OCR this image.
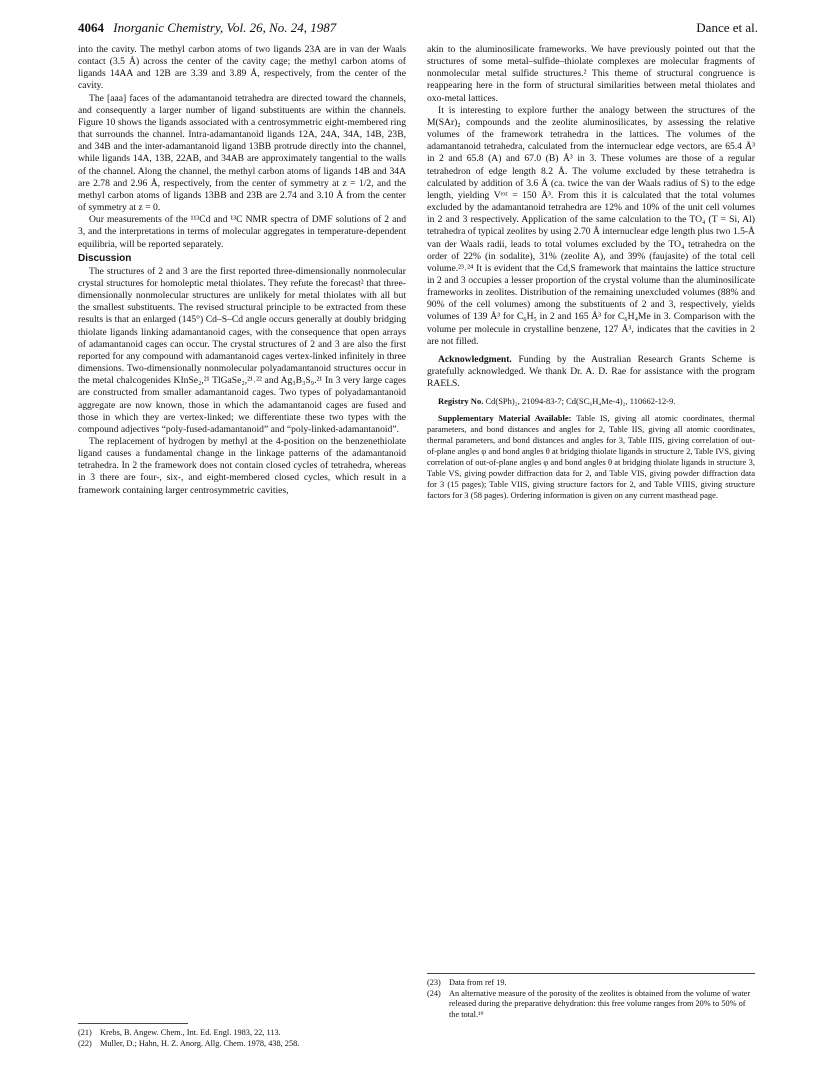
4064 Inorganic Chemistry, Vol. 26, No. 24, 1987	Dance et al.

into the cavity. The methyl carbon atoms of two ligands 23A are in van der Waals contact (3.5 Å) across the center of the cavity cage; the methyl carbon atoms of ligands 14AA and 12B are 3.39 and 3.89 Å, respectively, from the center of the cavity.

The [aaa] faces of the adamantanoid tetrahedra are directed toward the channels, and consequently a larger number of ligand substituents are within the channels. Figure 10 shows the ligands associated with a centrosymmetric eight-membered ring that surrounds the channel. Intra-adamantanoid ligands 12A, 24A, 34A, 14B, 23B, and 34B and the inter-adamantanoid ligand 13BB protrude directly into the channel, while ligands 14A, 13B, 22AB, and 34AB are approximately tangential to the walls of the channel. Along the channel, the methyl carbon atoms of ligands 14B and 34A are 2.78 and 2.96 Å, respectively, from the center of symmetry at z = 1/2, and the methyl carbon atoms of ligands 13BB and 23B are 2.74 and 3.10 Å from the center of symmetry at z = 0.

Our measurements of the ¹¹³Cd and ¹³C NMR spectra of DMF solutions of 2 and 3, and the interpretations in terms of molecular aggregates in temperature-dependent equilibria, will be reported separately.

Discussion

The structures of 2 and 3 are the first reported three-dimensionally nonmolecular crystal structures for homoleptic metal thiolates. They refute the forecast² that three-dimensionally nonmolecular structures are unlikely for metal thiolates with all but the smallest substituents. The revised structural principle to be extracted from these results is that an enlarged (145°) Cd–S–Cd angle occurs generally at doubly bridging thiolate ligands linking adamantanoid cages, with the consequence that open arrays of adamantanoid cages can occur. The crystal structures of 2 and 3 are also the first reported for any compound with adamantanoid cages vertex-linked infinitely in three dimensions. Two-dimensionally nonmolecular polyadamantanoid structures occur in the metal chalcogenides KInSe₂,²¹ TlGaSe₂,²¹˒²² and Ag₃B₃S₉.²¹ In 3 very large cages are constructed from smaller adamantanoid cages. Two types of polyadamantanoid aggregate are now known, those in which the adamantanoid cages are fused and those in which they are vertex-linked; we differentiate these two types with the compound adjectives “poly-fused-adamantanoid” and “poly-linked-adamantanoid”.

The replacement of hydrogen by methyl at the 4-position on the benzenethiolate ligand causes a fundamental change in the linkage patterns of the adamantanoid tetrahedra. In 2 the framework does not contain closed cycles of tetrahedra, whereas in 3 there are four-, six-, and eight-membered closed cycles, which result in a framework containing larger centrosymmetric cavities,

(21) Krebs, B. Angew. Chem., Int. Ed. Engl. 1983, 22, 113.
(22) Muller, D.; Hahn, H. Z. Anorg. Allg. Chem. 1978, 438, 258.

akin to the aluminosilicate frameworks. We have previously pointed out that the structures of some metal–sulfide–thiolate complexes are molecular fragments of nonmolecular metal sulfide structures.² This theme of structural congruence is reappearing here in the form of structural similarities between metal thiolates and oxo-metal lattices.

It is interesting to explore further the analogy between the structures of the M(SAr)₂ compounds and the zeolite aluminosilicates, by assessing the relative volumes of the framework tetrahedra in the lattices. The volumes of the adamantanoid tetrahedra, calculated from the internuclear edge vectors, are 65.4 Å³ in 2 and 65.8 (A) and 67.0 (B) Å³ in 3. These volumes are those of a regular tetrahedron of edge length 8.2 Å. The volume excluded by these tetrahedra is calculated by addition of 3.6 Å (ca. twice the van der Waals radius of S) to the edge length, yielding Vᵉˣᵗ = 150 Å³. From this it is calculated that the total volumes excluded by the adamantanoid tetrahedra are 12% and 10% of the unit cell volumes in 2 and 3 respectively. Application of the same calculation to the TO₄ (T = Si, Al) tetrahedra of typical zeolites by using 2.70 Å internuclear edge length plus two 1.5-Å van der Waals radii, leads to total volumes excluded by the TO₄ tetrahedra on the order of 22% (in sodalite), 31% (zeolite A), and 39% (faujasite) of the total cell volume.²³˒²⁴ It is evident that the Cd,S framework that maintains the lattice structure in 2 and 3 occupies a lesser proportion of the crystal volume than the aluminosilicate frameworks in zeolites. Distribution of the remaining unexcluded volumes (88% and 90% of the cell volumes) among the substituents of 2 and 3, respectively, yields volumes of 139 Å³ for C₆H₅ in 2 and 165 Å³ for C₆H₄Me in 3. Comparison with the volume per molecule in crystalline benzene, 127 Å³, indicates that the cavities in 2 are not filled.

Acknowledgment. Funding by the Australian Research Grants Scheme is gratefully acknowledged. We thank Dr. A. D. Rae for assistance with the program RAELS.

Registry No. Cd(SPh)₂, 21094-83-7; Cd(SC₆H₄Me-4)₂, 110662-12-9.

Supplementary Material Available: Table IS, giving all atomic coordinates, thermal parameters, and bond distances and angles for 2, Table IIS, giving all atomic coordinates, thermal parameters, and bond distances and angles for 3, Table IIIS, giving correlation of out-of-plane angles φ and bond angles θ at bridging thiolate ligands in structure 2, Table IVS, giving correlation of out-of-plane angles φ and bond angles θ at bridging thiolate ligands in structure 3, Table VS, giving powder diffraction data for 2, and Table VIS, giving powder diffraction data for 3 (15 pages); Table VIIS, giving structure factors for 2, and Table VIIIS, giving structure factors for 3 (58 pages). Ordering information is given on any current masthead page.

(23) Data from ref 19.
(24) An alternative measure of the porosity of the zeolites is obtained from the volume of water released during the preparative dehydration: this free volume ranges from 20% to 50% of the total.¹⁹
